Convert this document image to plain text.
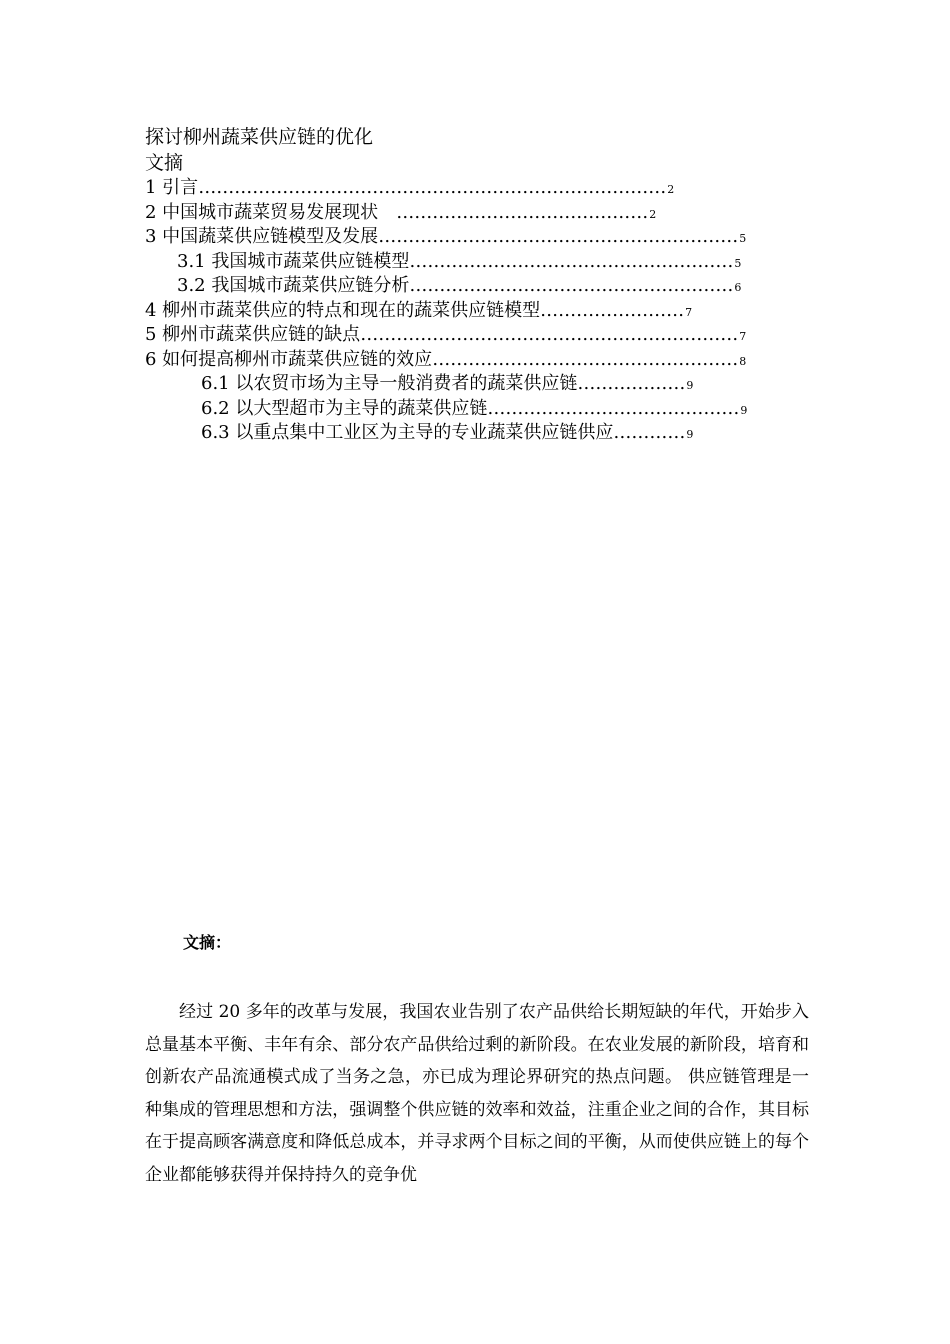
探讨柳州蔬菜供应链的优化
文摘
1 引言 …………………………………………………………………… 2
2 中国城市蔬菜贸易发展现状　 …………………………………… 2
3 中国蔬菜供应链模型及发展 …………………………………………………… 5
3.1 我国城市蔬菜供应链模型 ……………………………………………… 5
3.2 我国城市蔬菜供应链分析 ……………………………………………… 6
4 柳州市蔬菜供应的特点和现在的蔬菜供应链模型 …………………… 7
5 柳州市蔬菜供应链的缺点 ……………………………………………………… 7
6 如何提高柳州市蔬菜供应链的效应 …………………………………………… 8
6.1 以农贸市场为主导一般消费者的蔬菜供应链 ……………… 9
6.2 以大型超市为主导的蔬菜供应链 …………………………………… 9
6.3 以重点集中工业区为主导的专业蔬菜供应链供应 ………… 9
文摘：

经过 20 多年的改革与发展，我国农业告别了农产品供给长期短缺的年代，开始步入总量基本平衡、丰年有余、部分农产品供给过剩的新阶段。在农业发展的新阶段，培育和创新农产品流通模式成了当务之急，亦已成为理论界研究的热点问题。 供应链管理是一种集成的管理思想和方法，强调整个供应链的效率和效益，注重企业之间的合作，其目标在于提高顾客满意度和降低总成本，并寻求两个目标之间的平衡，从而使供应链上的每个企业都能够获得并保持持久的竞争优
